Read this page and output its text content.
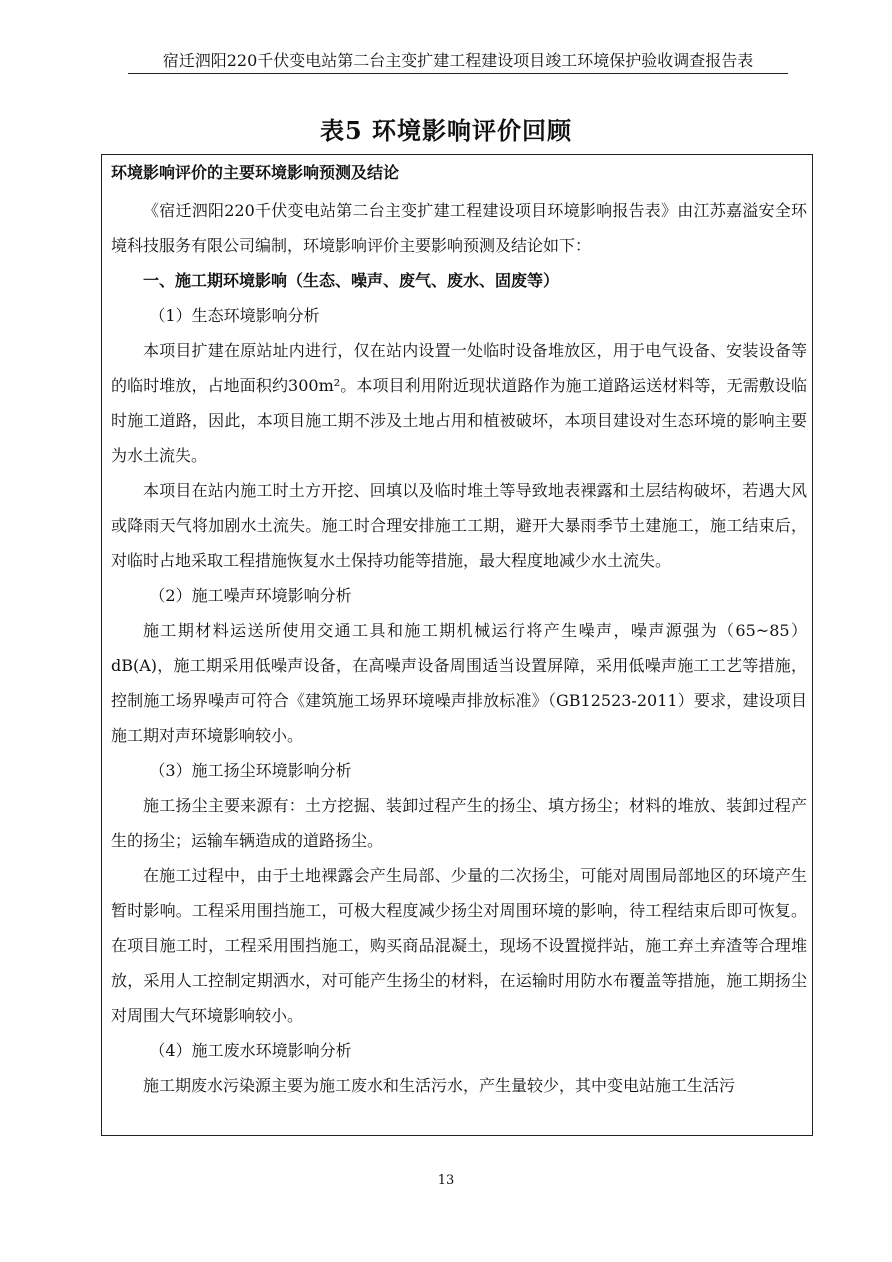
宿迁泗阳220千伏变电站第二台主变扩建工程建设项目竣工环境保护验收调查报告表
表5 环境影响评价回顾
环境影响评价的主要环境影响预测及结论

《宿迁泗阳220千伏变电站第二台主变扩建工程建设项目环境影响报告表》由江苏嘉溢安全环境科技服务有限公司编制，环境影响评价主要影响预测及结论如下：

一、施工期环境影响（生态、噪声、废气、废水、固废等）

（1）生态环境影响分析

本项目扩建在原站址内进行，仅在站内设置一处临时设备堆放区，用于电气设备、安装设备等的临时堆放，占地面积约300m²。本项目利用附近现状道路作为施工道路运送材料等，无需敷设临时施工道路，因此，本项目施工期不涉及土地占用和植被破坏，本项目建设对生态环境的影响主要为水土流失。

本项目在站内施工时土方开挖、回填以及临时堆土等导致地表裸露和土层结构破坏，若遇大风或降雨天气将加剧水土流失。施工时合理安排施工工期，避开大暴雨季节土建施工，施工结束后，对临时占地采取工程措施恢复水土保持功能等措施，最大程度地减少水土流失。

（2）施工噪声环境影响分析

施工期材料运送所使用交通工具和施工期机械运行将产生噪声，噪声源强为（65~85）dB(A)，施工期采用低噪声设备，在高噪声设备周围适当设置屏障，采用低噪声施工工艺等措施，控制施工场界噪声可符合《建筑施工场界环境噪声排放标准》（GB12523-2011）要求，建设项目施工期对声环境影响较小。

（3）施工扬尘环境影响分析

施工扬尘主要来源有：土方挖掘、装卸过程产生的扬尘、填方扬尘；材料的堆放、装卸过程产生的扬尘；运输车辆造成的道路扬尘。

在施工过程中，由于土地裸露会产生局部、少量的二次扬尘，可能对周围局部地区的环境产生暂时影响。工程采用围挡施工，可极大程度减少扬尘对周围环境的影响，待工程结束后即可恢复。在项目施工时，工程采用围挡施工，购买商品混凝土，现场不设置搅拌站，施工弃土弃渣等合理堆放，采用人工控制定期洒水，对可能产生扬尘的材料，在运输时用防水布覆盖等措施，施工期扬尘对周围大气环境影响较小。

（4）施工废水环境影响分析

施工期废水污染源主要为施工废水和生活污水，产生量较少，其中变电站施工生活污

13
